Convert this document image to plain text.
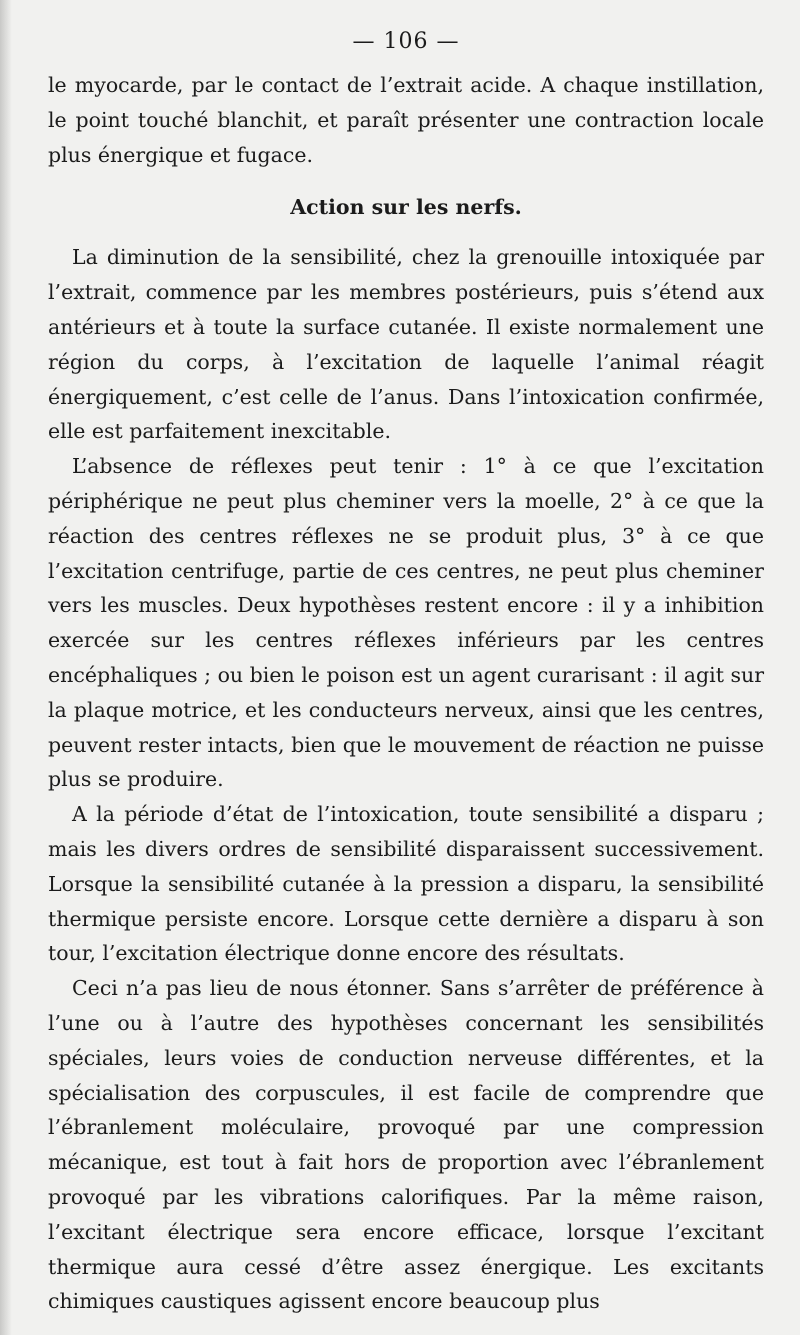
— 106 —

le myocarde, par le contact de l’extrait acide. A chaque instillation, le point touché blanchit, et paraît présenter une contraction locale plus énergique et fugace.

Action sur les nerfs.

La diminution de la sensibilité, chez la grenouille intoxiquée par l’extrait, commence par les membres postérieurs, puis s’étend aux antérieurs et à toute la surface cutanée. Il existe normalement une région du corps, à l’excitation de laquelle l’animal réagit énergiquement, c’est celle de l’anus. Dans l’intoxication confirmée, elle est parfaitement inexcitable.

L’absence de réflexes peut tenir : 1° à ce que l’excitation périphérique ne peut plus cheminer vers la moelle, 2° à ce que la réaction des centres réflexes ne se produit plus, 3° à ce que l’excitation centrifuge, partie de ces centres, ne peut plus cheminer vers les muscles. Deux hypothèses restent encore : il y a inhibition exercée sur les centres réflexes inférieurs par les centres encéphaliques ; ou bien le poison est un agent curarisant : il agit sur la plaque motrice, et les conducteurs nerveux, ainsi que les centres, peuvent rester intacts, bien que le mouvement de réaction ne puisse plus se produire.

A la période d’état de l’intoxication, toute sensibilité a disparu ; mais les divers ordres de sensibilité disparaissent successivement. Lorsque la sensibilité cutanée à la pression a disparu, la sensibilité thermique persiste encore. Lorsque cette dernière a disparu à son tour, l’excitation électrique donne encore des résultats.

Ceci n’a pas lieu de nous étonner. Sans s’arrêter de préférence à l’une ou à l’autre des hypothèses concernant les sensibilités spéciales, leurs voies de conduction nerveuse différentes, et la spécialisation des corpuscules, il est facile de comprendre que l’ébranlement moléculaire, provoqué par une compression mécanique, est tout à fait hors de proportion avec l’ébranlement provoqué par les vibrations calorifiques. Par la même raison, l’excitant électrique sera encore efficace, lorsque l’excitant thermique aura cessé d’être assez énergique. Les excitants chimiques caustiques agissent encore beaucoup plus
